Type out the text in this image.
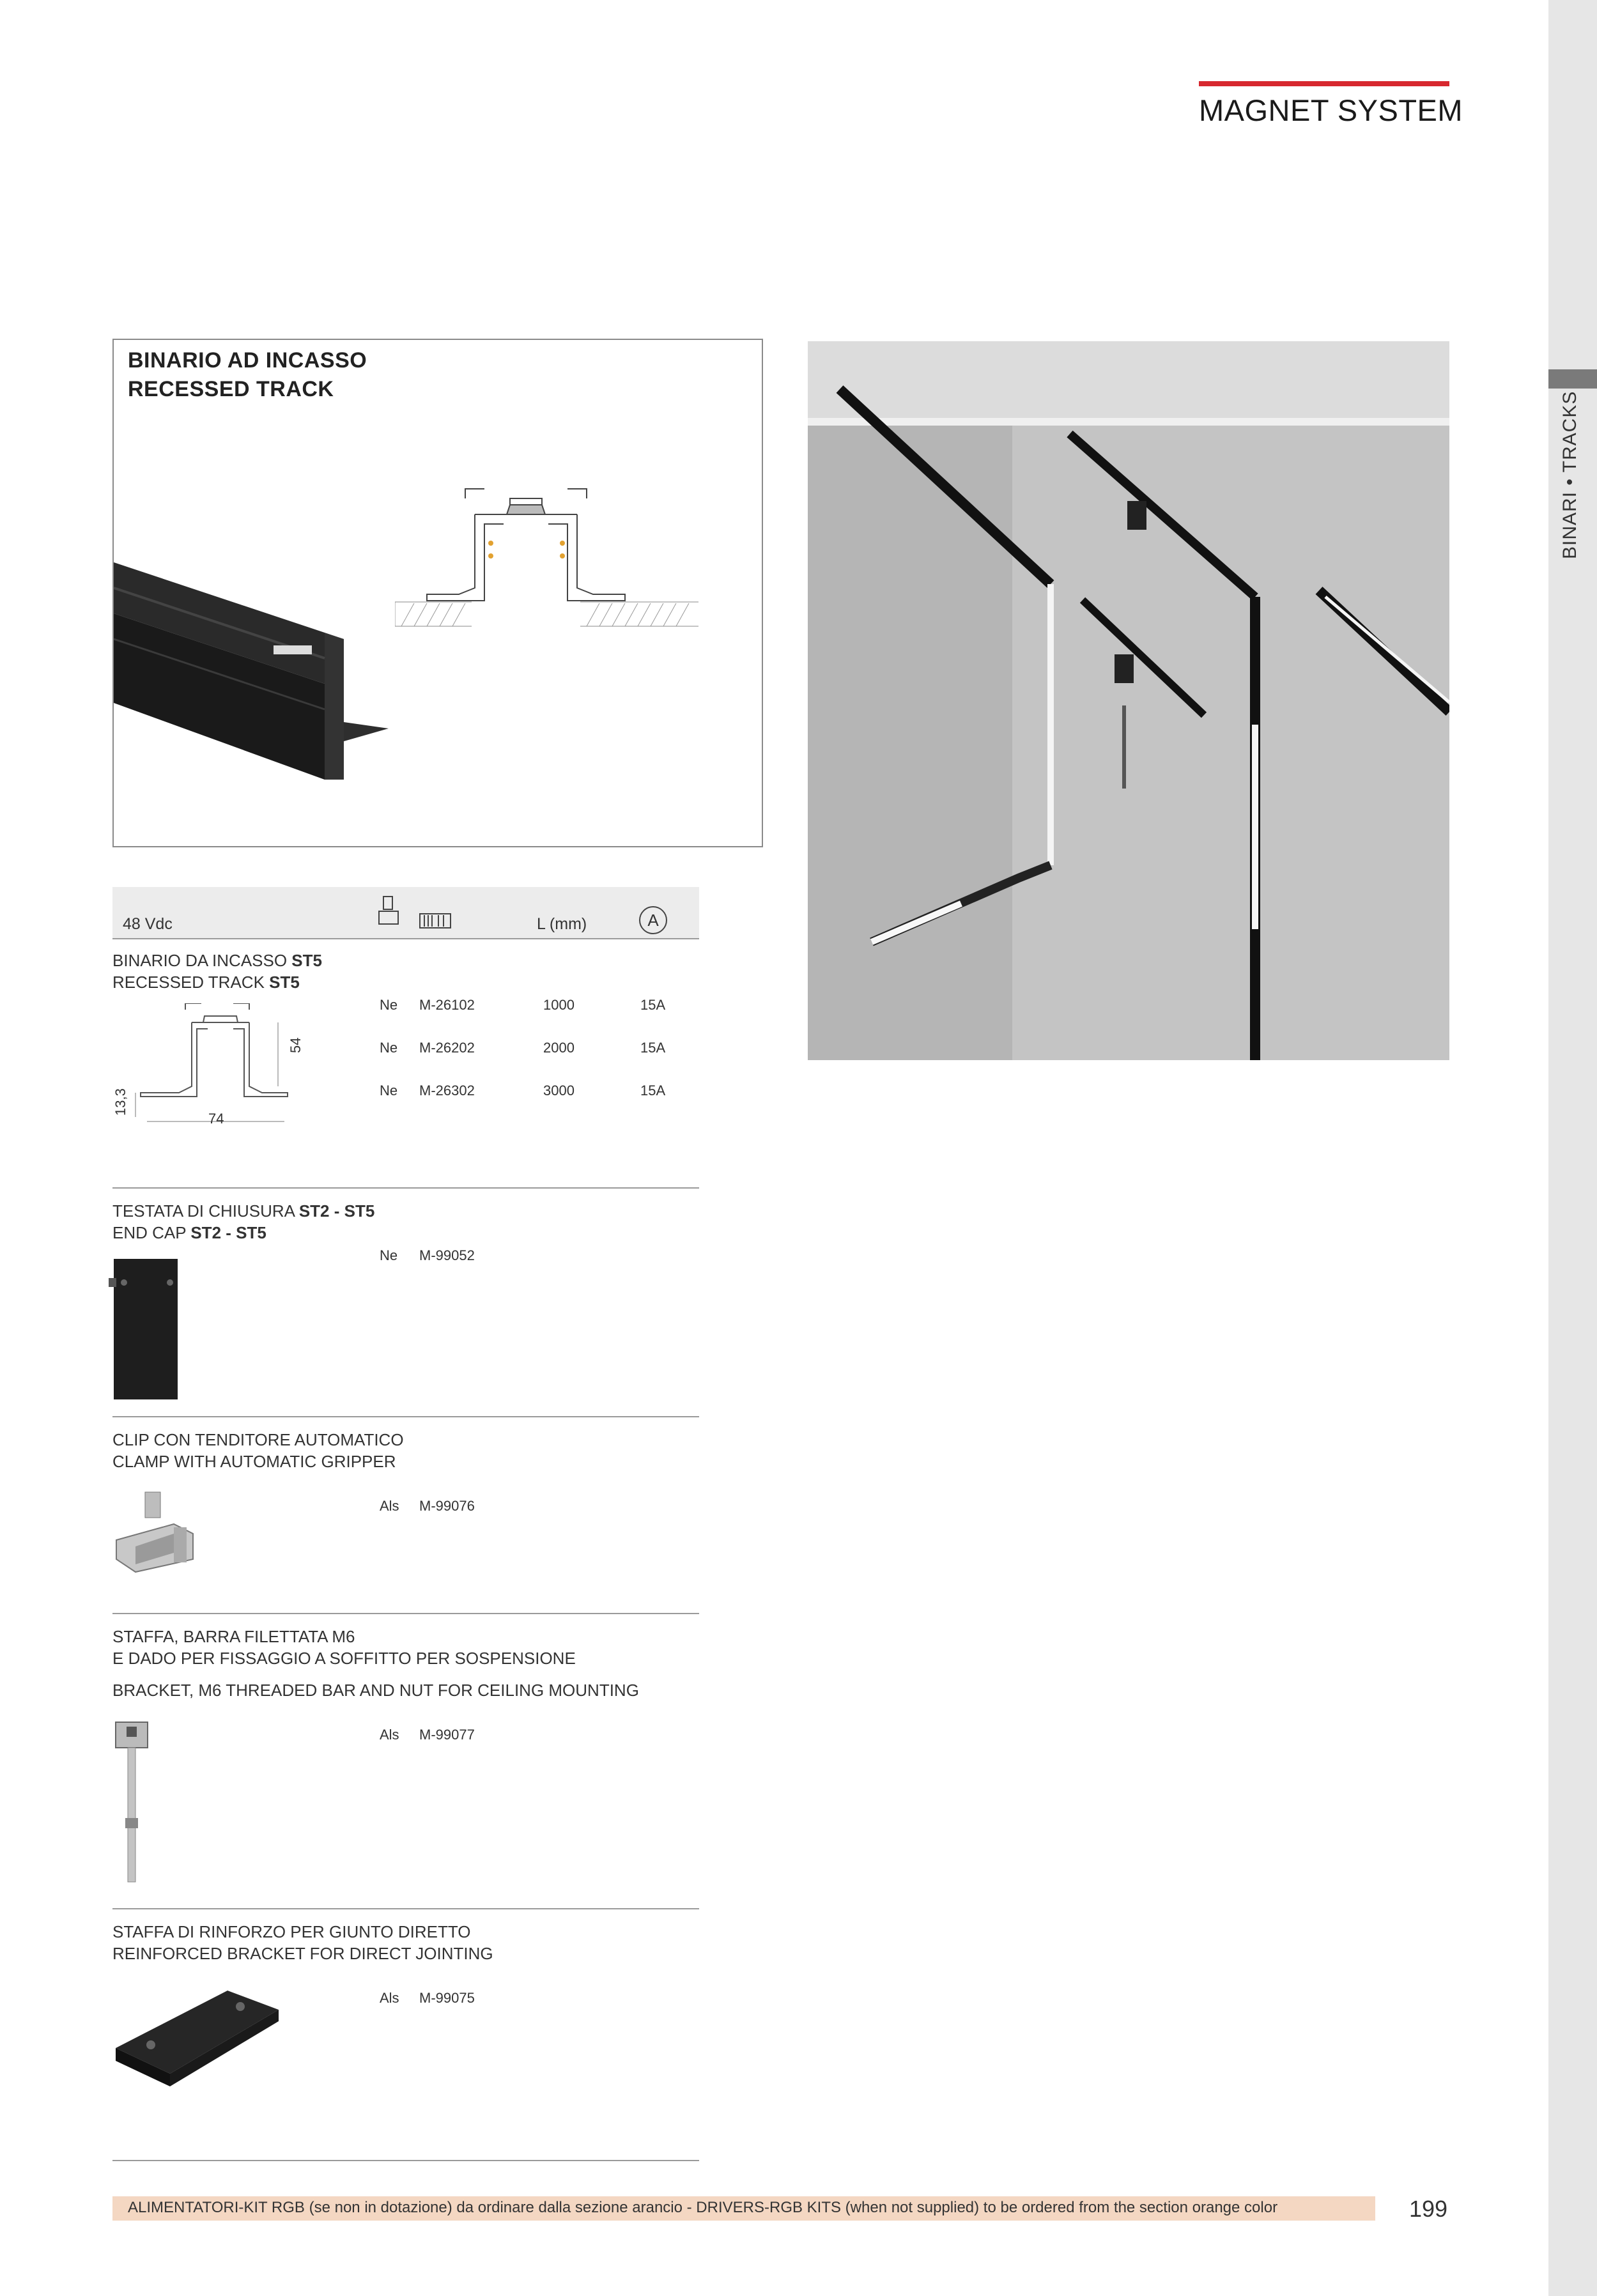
BINARI • TRACKS
MAGNET SYSTEM
BINARIO AD INCASSO
RECESSED TRACK
48 Vdc	L (mm)	A
BINARIO DA INCASSO ST5
RECESSED TRACK ST5
Ne M-26102	1000	15A
Ne M-26202	2000	15A
Ne M-26302	3000	15A
54
74
13,3
TESTATA DI CHIUSURA ST2 - ST5
END CAP ST2 - ST5
Ne M-99052
CLIP CON TENDITORE AUTOMATICO
CLAMP WITH AUTOMATIC GRIPPER
Als M-99076
STAFFA, BARRA FILETTATA M6
E DADO PER FISSAGGIO A SOFFITTO PER SOSPENSIONE
BRACKET, M6 THREADED BAR AND NUT FOR CEILING MOUNTING
Als M-99077
STAFFA DI RINFORZO PER GIUNTO DIRETTO
REINFORCED BRACKET FOR DIRECT JOINTING
Als M-99075
ALIMENTATORI-KIT RGB (se non in dotazione) da ordinare dalla sezione arancio - DRIVERS-RGB KITS (when not supplied) to be ordered from the section orange color	199
